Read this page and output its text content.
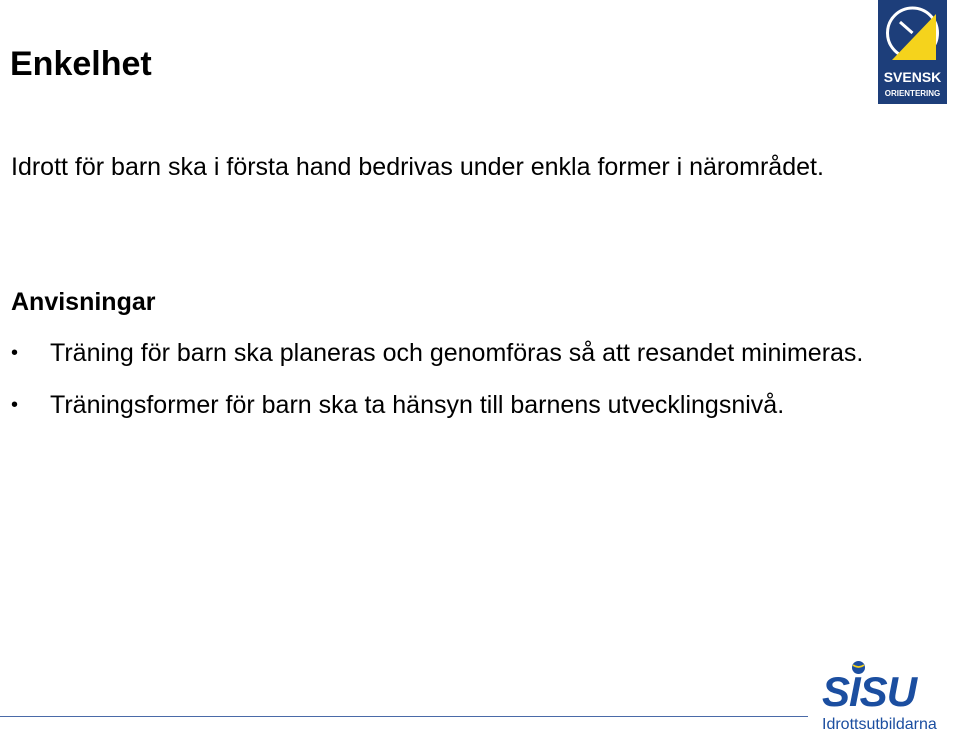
Enkelhet

Idrott för barn ska i första hand bedrivas under enkla former i närområdet.

Anvisningar
• Träning för barn ska planeras och genomföras så att resandet minimeras.
• Träningsformer för barn ska ta hänsyn till barnens utvecklingsnivå.
SVENSK
ORIENTERING
SISU
Idrottsutbildarna
